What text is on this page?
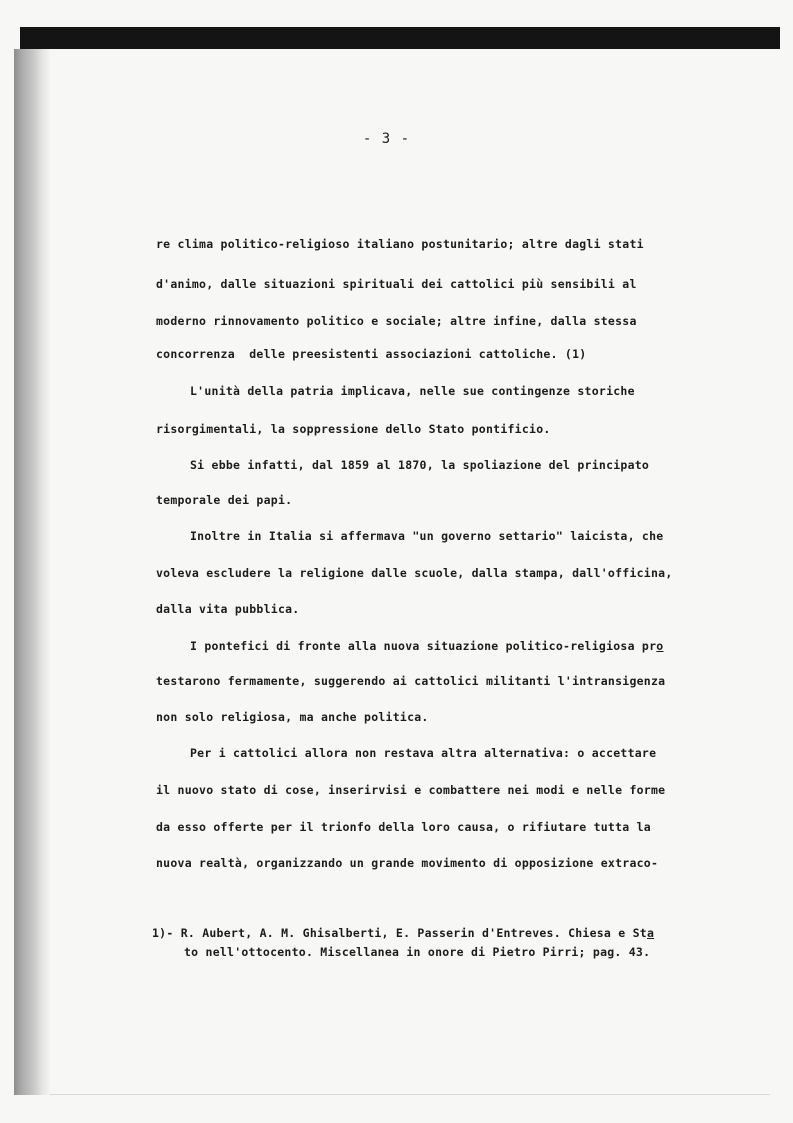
- 3 -
re clima politico-religioso italiano postunitario; altre dagli stati
d'animo, dalle situazioni spirituali dei cattolici più sensibili al
moderno rinnovamento politico e sociale; altre infine, dalla stessa
concorrenza  delle preesistenti associazioni cattoliche. (1)
L'unità della patria implicava, nelle sue contingenze storiche
risorgimentali, la soppressione dello Stato pontificio.
Si ebbe infatti, dal 1859 al 1870, la spoliazione del principato
temporale dei papi.
Inoltre in Italia si affermava "un governo settario" laicista, che
voleva escludere la religione dalle scuole, dalla stampa, dall'officina,
dalla vita pubblica.
I pontefici di fronte alla nuova situazione politico-religiosa pro
testarono fermamente, suggerendo ai cattolici militanti l'intransigenza
non solo religiosa, ma anche politica.
Per i cattolici allora non restava altra alternativa: o accettare
il nuovo stato di cose, inserirvisi e combattere nei modi e nelle forme
da esso offerte per il trionfo della loro causa, o rifiutare tutta la
nuova realtà, organizzando un grande movimento di opposizione extraco-
1)- R. Aubert, A. M. Ghisalberti, E. Passerin d'Entreves. Chiesa e Sta
to nell'ottocento. Miscellanea in onore di Pietro Pirri; pag. 43.
